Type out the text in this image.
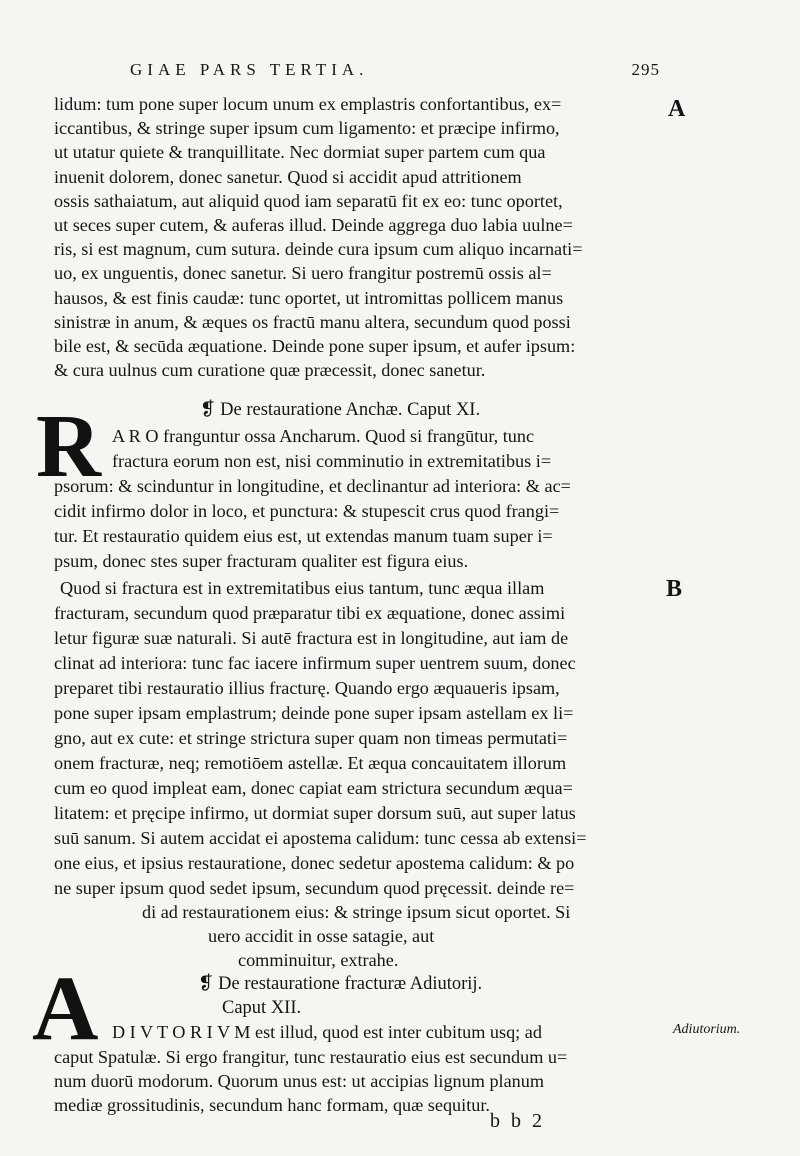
GIAE PARS TERTIA.	295
A
B
Adiutorium.
R
A
lidum: tum pone super locum unum ex emplastris confortantibus, ex=
iccantibus, & stringe super ipsum cum ligamento: et præcipe infirmo,
ut utatur quiete & tranquillitate. Nec dormiat super partem cum qua
inuenit dolorem, donec sanetur. Quod si accidit apud attritionem
ossis sathaiatum, aut aliquid quod iam separatū fit ex eo: tunc oportet,
ut seces super cutem, & auferas illud. Deinde aggrega duo labia uulne=
ris, si est magnum, cum sutura. deinde cura ipsum cum aliquo incarnati=
uo, ex unguentis, donec sanetur. Si uero frangitur postremū ossis al=
hausos, & est finis caudæ: tunc oportet, ut intromittas pollicem manus
sinistræ in anum, & æques os fractū manu altera, secundum quod possi
bile est, & secūda æquatione. Deinde pone super ipsum, et aufer ipsum:
& cura uulnus cum curatione quæ præcessit, donec sanetur.
❡ De restauratione Anchæ. Caput XI.
A R O franguntur ossa Ancharum. Quod si frangūtur, tunc
fractura eorum non est, nisi comminutio in extremitatibus i=
psorum: & scinduntur in longitudine, et declinantur ad interiora: & ac=
cidit infirmo dolor in loco, et punctura: & stupescit crus quod frangi=
tur. Et restauratio quidem eius est, ut extendas manum tuam super i=
psum, donec stes super fracturam qualiter est figura eius.
Quod si fractura est in extremitatibus eius tantum, tunc æqua illam
fracturam, secundum quod præparatur tibi ex æquatione, donec assimi
letur figuræ suæ naturali. Si autē fractura est in longitudine, aut iam de
clinat ad interiora: tunc fac iacere infirmum super uentrem suum, donec
preparet tibi restauratio illius fracturę. Quando ergo æquaueris ipsam,
pone super ipsam emplastrum; deinde pone super ipsam astellam ex li=
gno, aut ex cute: et stringe strictura super quam non timeas permutati=
onem fracturæ, neq; remotiōem astellæ. Et æqua concauitatem illorum
cum eo quod impleat eam, donec capiat eam strictura secundum æqua=
litatem: et pręcipe infirmo, ut dormiat super dorsum suū, aut super latus
suū sanum. Si autem accidat ei apostema calidum: tunc cessa ab extensi=
one eius, et ipsius restauratione, donec sedetur apostema calidum: & po
ne super ipsum quod sedet ipsum, secundum quod pręcessit. deinde re=
di ad restaurationem eius: & stringe ipsum sicut oportet. Si
uero accidit in osse satagie, aut
comminuitur, extrahe.
❡ De restauratione fracturæ Adiutorij.
Caput XII.
D I V T O R I V M est illud, quod est inter cubitum usq; ad
caput Spatulæ. Si ergo frangitur, tunc restauratio eius est secundum u=
num duorū modorum. Quorum unus est: ut accipias lignum planum
mediæ grossitudinis, secundum hanc formam, quæ sequitur.
b b 2
